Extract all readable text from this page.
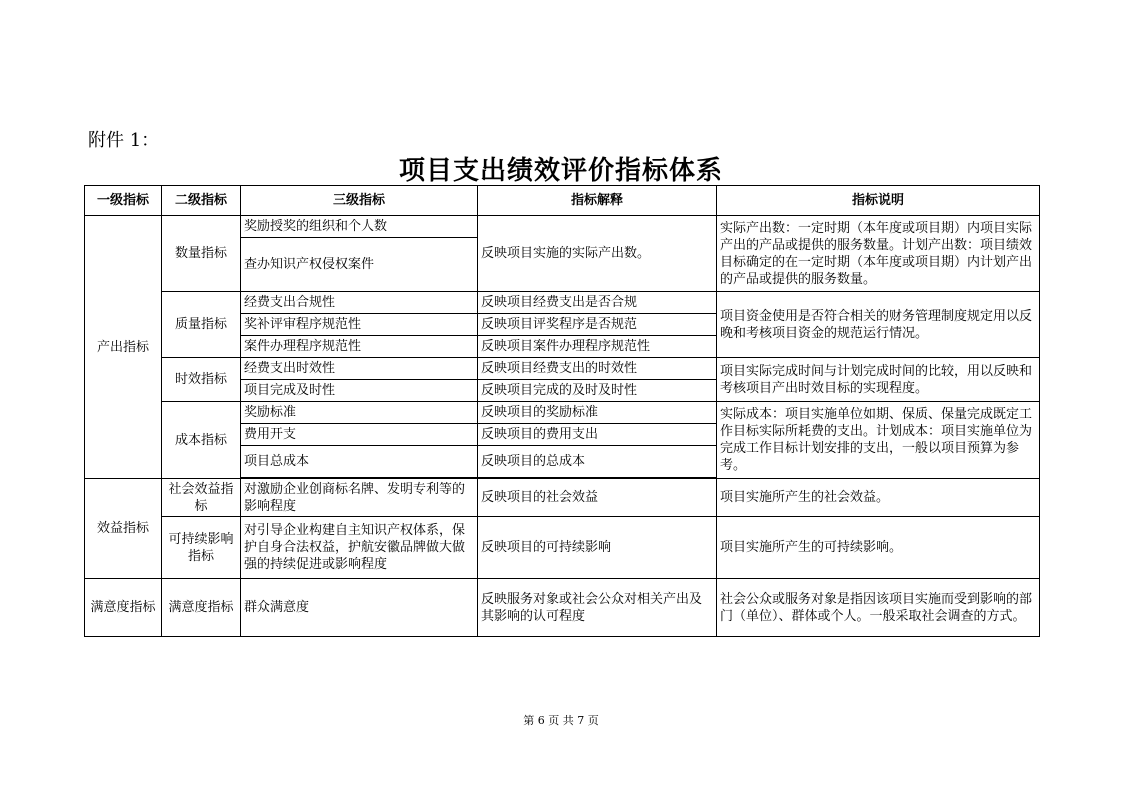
附件 1：
项目支出绩效评价指标体系
一级指标	二级指标	三级指标	指标解释	指标说明
产出指标	数量指标	奖励授奖的组织和个人数	反映项目实施的实际产出数。	实际产出数：一定时期（本年度或项目期）内项目实际产出的产品或提供的服务数量。计划产出数：项目绩效目标确定的在一定时期（本年度或项目期）内计划产出的产品或提供的服务数量。
		查办知识产权侵权案件		
	质量指标	经费支出合规性	反映项目经费支出是否合规	项目资金使用是否符合相关的财务管理制度规定用以反晚和考核项目资金的规范运行情况。
		奖补评审程序规范性	反映项目评奖程序是否规范	
		案件办理程序规范性	反映项目案件办理程序规范性	
	时效指标	经费支出时效性	反映项目经费支出的时效性	项目实际完成时间与计划完成时间的比较，用以反映和考核项目产出时效目标的实现程度。
		项目完成及时性	反映项目完成的及时及时性	
	成本指标	奖励标准	反映项目的奖励标准	实际成本：项目实施单位如期、保质、保量完成既定工作目标实际所耗费的支出。计划成本：项目实施单位为完成工作目标计划安排的支出，一般以项目预算为参考。
		费用开支	反映项目的费用支出	
		项目总成本	反映项目的总成本	

效益指标	社会效益指标	对激励企业创商标名牌、发明专利等的影响程度	反映项目的社会效益	项目实施所产生的社会效益。
	可持续影响指标	对引导企业构建自主知识产权体系，保护自身合法权益，护航安徽品牌做大做强的持续促进或影响程度	反映项目的可持续影响	项目实施所产生的可持续影响。
满意度指标	满意度指标	群众满意度	反映服务对象或社会公众对相关产出及其影响的认可程度	社会公众或服务对象是指因该项目实施而受到影响的部门（单位）、群体或个人。一般采取社会调查的方式。
第 6 页 共 7 页
